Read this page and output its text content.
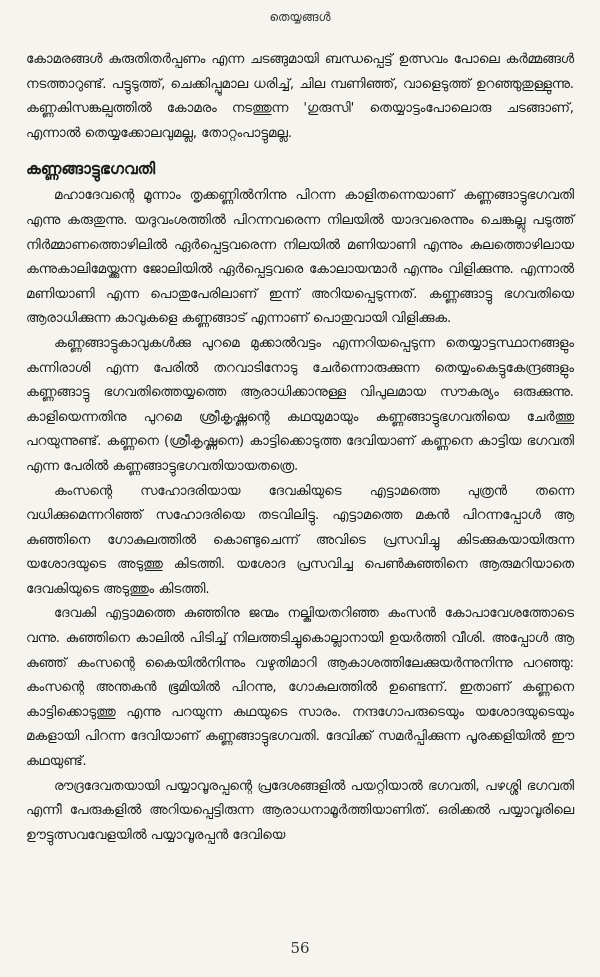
തെയ്യങ്ങൾ

കോമരങ്ങൾ കുരുതിതർപ്പണം എന്ന ചടങ്ങുമായി ബന്ധപ്പെട്ട് ഉത്സവം പോലെ കർമ്മങ്ങൾ നടത്താറുണ്ട്. പട്ടുടുത്ത്, ചെക്കിപ്പൂമാല ധരിച്ച്, ചില മ്പണിഞ്ഞ്, വാളെടുത്ത് ഉറഞ്ഞുതുള്ളുന്നു. കണ്ണകിസങ്കല്പത്തിൽ കോമരം നടത്തുന്ന 'ഗുരുസി' തെയ്യാട്ടംപോലൊരു ചടങ്ങാണ്, എന്നാൽ തെയ്യക്കോലവുമല്ല, തോറ്റംപാട്ടുമല്ല.

കണ്ണങ്ങാട്ടുഭഗവതി

മഹാദേവന്റെ മൂന്നാം തൃക്കണ്ണിൽനിന്നു പിറന്ന കാളിതന്നെയാണ് കണ്ണങ്ങാട്ടുഭഗവതി എന്നു കരുതുന്നു. യദുവംശത്തിൽ പിറന്നവരെന്ന നിലയിൽ യാദവരെന്നും ചെങ്കല്ലു പടുത്ത് നിർമ്മാണത്തൊഴിലിൽ ഏർപ്പെട്ടവരെന്ന നിലയിൽ മണിയാണി എന്നും കുലത്തൊഴിലായ കന്നുകാലിമേയ്ക്കുന്ന ജോലിയിൽ ഏർപ്പെട്ടവരെ കോലായന്മാർ എന്നും വിളിക്കുന്നു. എന്നാൽ മണിയാണി എന്ന പൊതുപേരിലാണ് ഇന്ന് അറിയപ്പെടുന്നത്. കണ്ണങ്ങാട്ടു ഭഗവതിയെ ആരാധിക്കുന്ന കാവുകളെ കണ്ണങ്ങാട് എന്നാണ് പൊതുവായി വിളിക്കുക.

കണ്ണങ്ങാട്ടുകാവുകൾക്കു പുറമെ മുക്കാൽവട്ടം എന്നറിയപ്പെടുന്ന തെയ്യാട്ടസ്ഥാനങ്ങളും കന്നിരാശി എന്ന പേരിൽ തറവാടിനോടു ചേർന്നൊരുക്കുന്ന തെയ്യംകെട്ടുകേന്ദ്രങ്ങളും കണ്ണങ്ങാട്ടു ഭഗവതിത്തെയ്യത്തെ ആരാധിക്കാനുള്ള വിപുലമായ സൗകര്യം ഒരുക്കുന്നു. കാളിയെന്നതിനു പുറമെ ശ്രീകൃഷ്ണന്റെ കഥയുമായും കണ്ണങ്ങാട്ടുഭഗവതിയെ ചേർത്തു പറയുന്നുണ്ട്. കണ്ണനെ (ശ്രീകൃഷ്ണനെ) കാട്ടിക്കൊടുത്ത ദേവിയാണ് കണ്ണനെ കാട്ടിയ ഭഗവതി എന്ന പേരിൽ കണ്ണങ്ങാട്ടുഭഗവതിയായതത്രെ.

കംസന്റെ സഹോദരിയായ ദേവകിയുടെ എട്ടാമത്തെ പുത്രൻ തന്നെ വധിക്കുമെന്നറിഞ്ഞ് സഹോദരിയെ തടവിലിട്ടു. എട്ടാമത്തെ മകൻ പിറന്നപ്പോൾ ആ കുഞ്ഞിനെ ഗോകുലത്തിൽ കൊണ്ടുചെന്ന് അവിടെ പ്രസവിച്ചു കിടക്കുകയായിരുന്ന യശോദയുടെ അടുത്തു കിടത്തി. യശോദ പ്രസവിച്ച പെൺകുഞ്ഞിനെ ആരുമറിയാതെ ദേവകിയുടെ അടുത്തും കിടത്തി.

ദേവകി എട്ടാമത്തെ കുഞ്ഞിനു ജന്മം നല്കിയതറിഞ്ഞ കംസൻ കോപാവേശത്തോടെ വന്നു. കുഞ്ഞിനെ കാലിൽ പിടിച്ച് നിലത്തടിച്ചുകൊല്ലാനായി ഉയർത്തി വീശി. അപ്പോൾ ആ കുഞ്ഞ് കംസന്റെ കൈയിൽനിന്നും വഴുതിമാറി ആകാശത്തിലേക്കുയർന്നുനിന്നു പറഞ്ഞു: കംസന്റെ അന്തകൻ ഭൂമിയിൽ പിറന്നു, ഗോകുലത്തിൽ ഉണ്ടെന്ന്. ഇതാണ് കണ്ണനെ കാട്ടിക്കൊടുത്തു എന്നു പറയുന്ന കഥയുടെ സാരം. നന്ദഗോപരുടെയും യശോദയുടെയും മകളായി പിറന്ന ദേവിയാണ് കണ്ണങ്ങാട്ടുഭഗവതി. ദേവിക്ക് സമർപ്പിക്കുന്ന പൂരക്കളിയിൽ ഈ കഥയുണ്ട്.

രൗദ്രദേവതയായി പയ്യാവൂരപ്പന്റെ പ്രദേശങ്ങളിൽ പയറ്റിയാൽ ഭഗവതി, പഴശ്ശി ഭഗവതി എന്നീ പേരുകളിൽ അറിയപ്പെട്ടിരുന്ന ആരാധനാമൂർത്തിയാണിത്. ഒരിക്കൽ പയ്യാവൂരിലെ ഊട്ടുത്സവവേളയിൽ പയ്യാവൂരപ്പൻ ദേവിയെ

56
